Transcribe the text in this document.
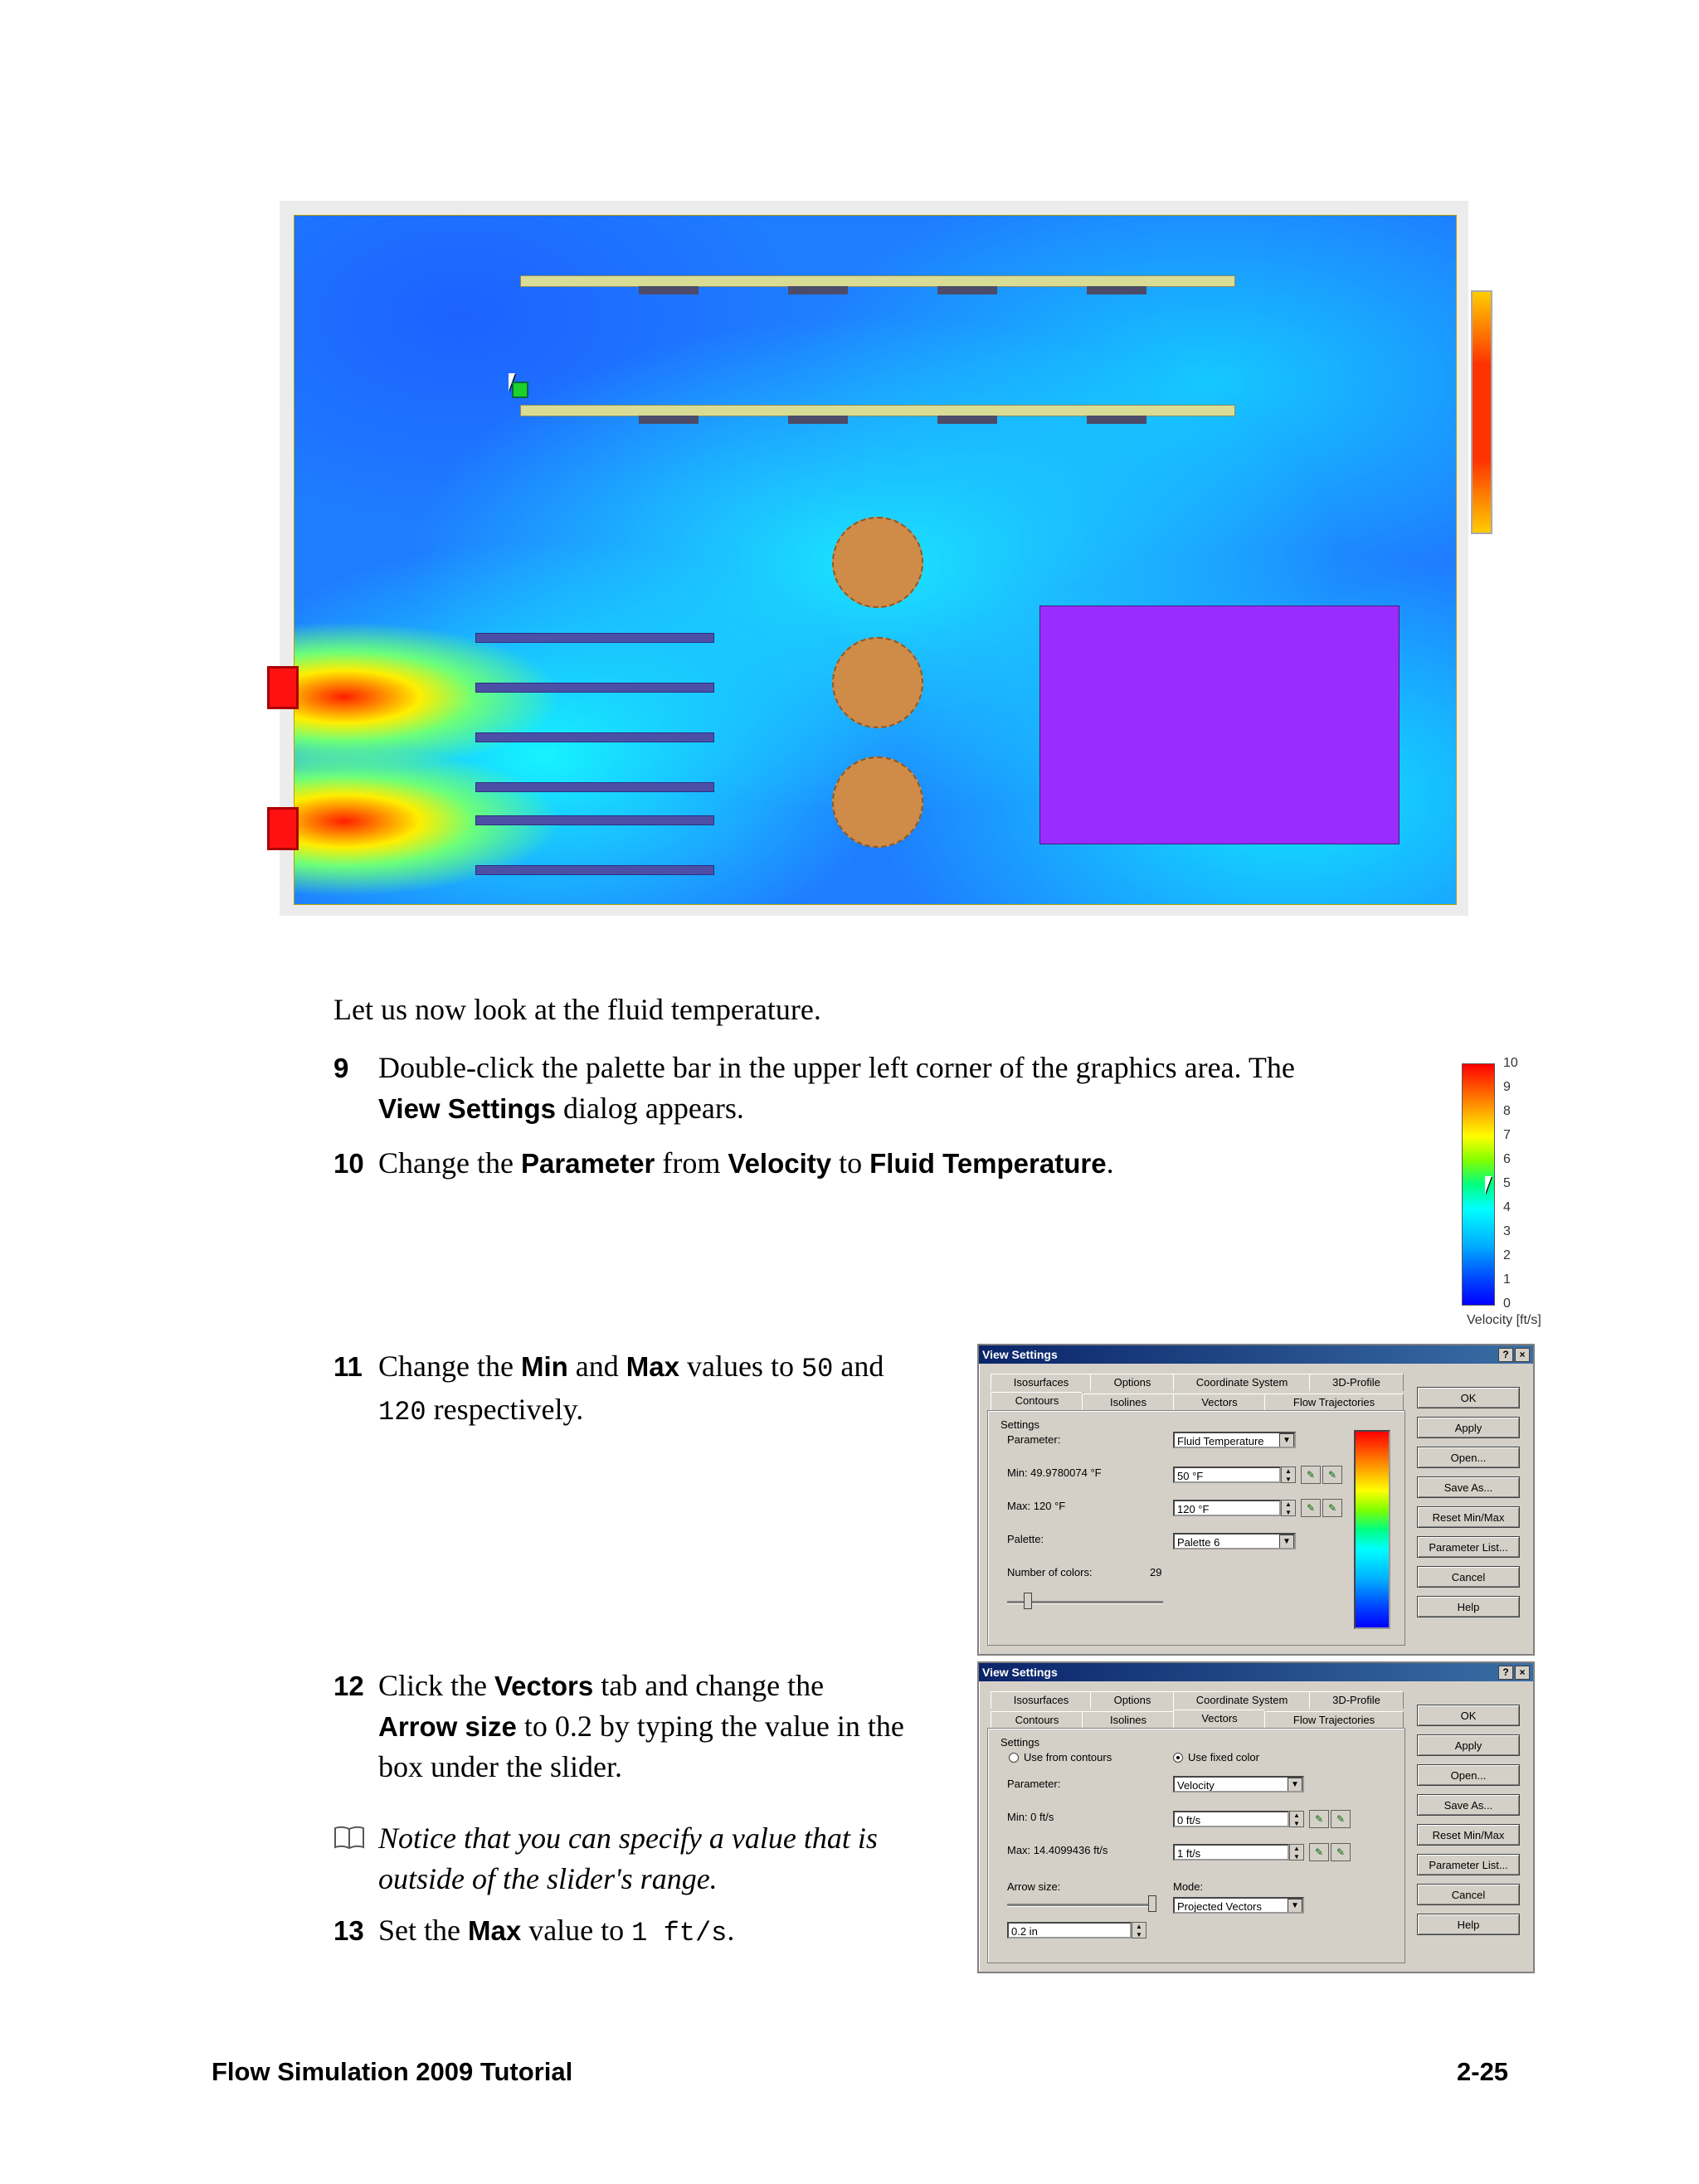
Let us now look at the fluid temperature.
9 Double-click the palette bar in the upper left corner of the graphics area. The
View Settings dialog appears.
10 Change the Parameter from Velocity to Fluid Temperature.
11 Change the Min and Max values to 50 and
120 respectively.
12 Click the Vectors tab and change the
Arrow size to 0.2 by typing the value in the
box under the slider.
Notice that you can specify a value that is
outside of the slider's range.
13 Set the Max value to 1 ft/s.
10
9
8
7
6
5
4
3
2
1
0
Velocity [ft/s]
View Settings	?	×
Isosurfaces	Options	Coordinate System	3D-Profile
Contours	Isolines	Vectors	Flow Trajectories
Settings
Parameter:	Fluid Temperature	▼
Min: 49.9780074 °F	50 °F	▲
▼	✎	✎
Max: 120 °F	120 °F	▲
▼	✎	✎
Palette:	Palette 6	▼
Number of colors:	29
OK
Apply
Open...
Save As...
Reset Min/Max
Parameter List...
Cancel
Help
View Settings	?	×
Isosurfaces	Options	Coordinate System	3D-Profile
Contours	Isolines	Vectors	Flow Trajectories
Settings
Use from contours	Use fixed color
Parameter:	Velocity	▼
Min: 0 ft/s	0 ft/s	▲
▼	✎	✎
Max: 14.4099436 ft/s	1 ft/s	▲
▼	✎	✎
Arrow size:	Mode:
Projected Vectors	▼
0.2 in	▲
▼
OK
Apply
Open...
Save As...
Reset Min/Max
Parameter List...
Cancel
Help
Flow Simulation 2009 Tutorial	2-25
